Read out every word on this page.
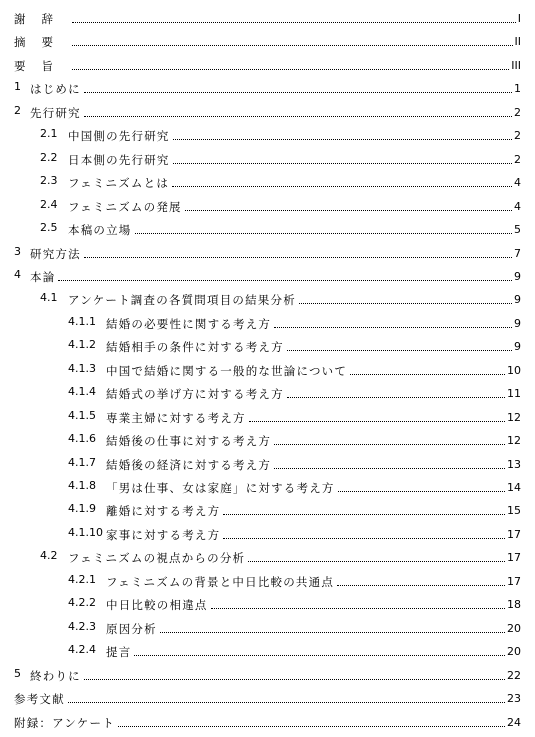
謝辞	I
摘要	II
要旨	III
1 はじめに	1
2 先行研究	2
2.1 中国側の先行研究	2
2.2 日本側の先行研究	2
2.3 フェミニズムとは	4
2.4 フェミニズムの発展	4
2.5 本稿の立場	5
3 研究方法	7
4 本論	9
4.1 アンケート調査の各質問項目の結果分析	9
4.1.1 結婚の必要性に関する考え方	9
4.1.2 結婚相手の条件に対する考え方	9
4.1.3 中国で結婚に関する一般的な世論について	10
4.1.4 結婚式の挙げ方に対する考え方	11
4.1.5 専業主婦に対する考え方	12
4.1.6 結婚後の仕事に対する考え方	12
4.1.7 結婚後の経済に対する考え方	13
4.1.8 「男は仕事、女は家庭」に対する考え方	14
4.1.9 離婚に対する考え方	15
4.1.10 家事に対する考え方	17
4.2 フェミニズムの視点からの分析	17
4.2.1 フェミニズムの背景と中日比較の共通点	17
4.2.2 中日比較の相違点	18
4.2.3 原因分析	20
4.2.4 提言	20
5 終わりに	22
参考文献	23
附録：アンケート	24
